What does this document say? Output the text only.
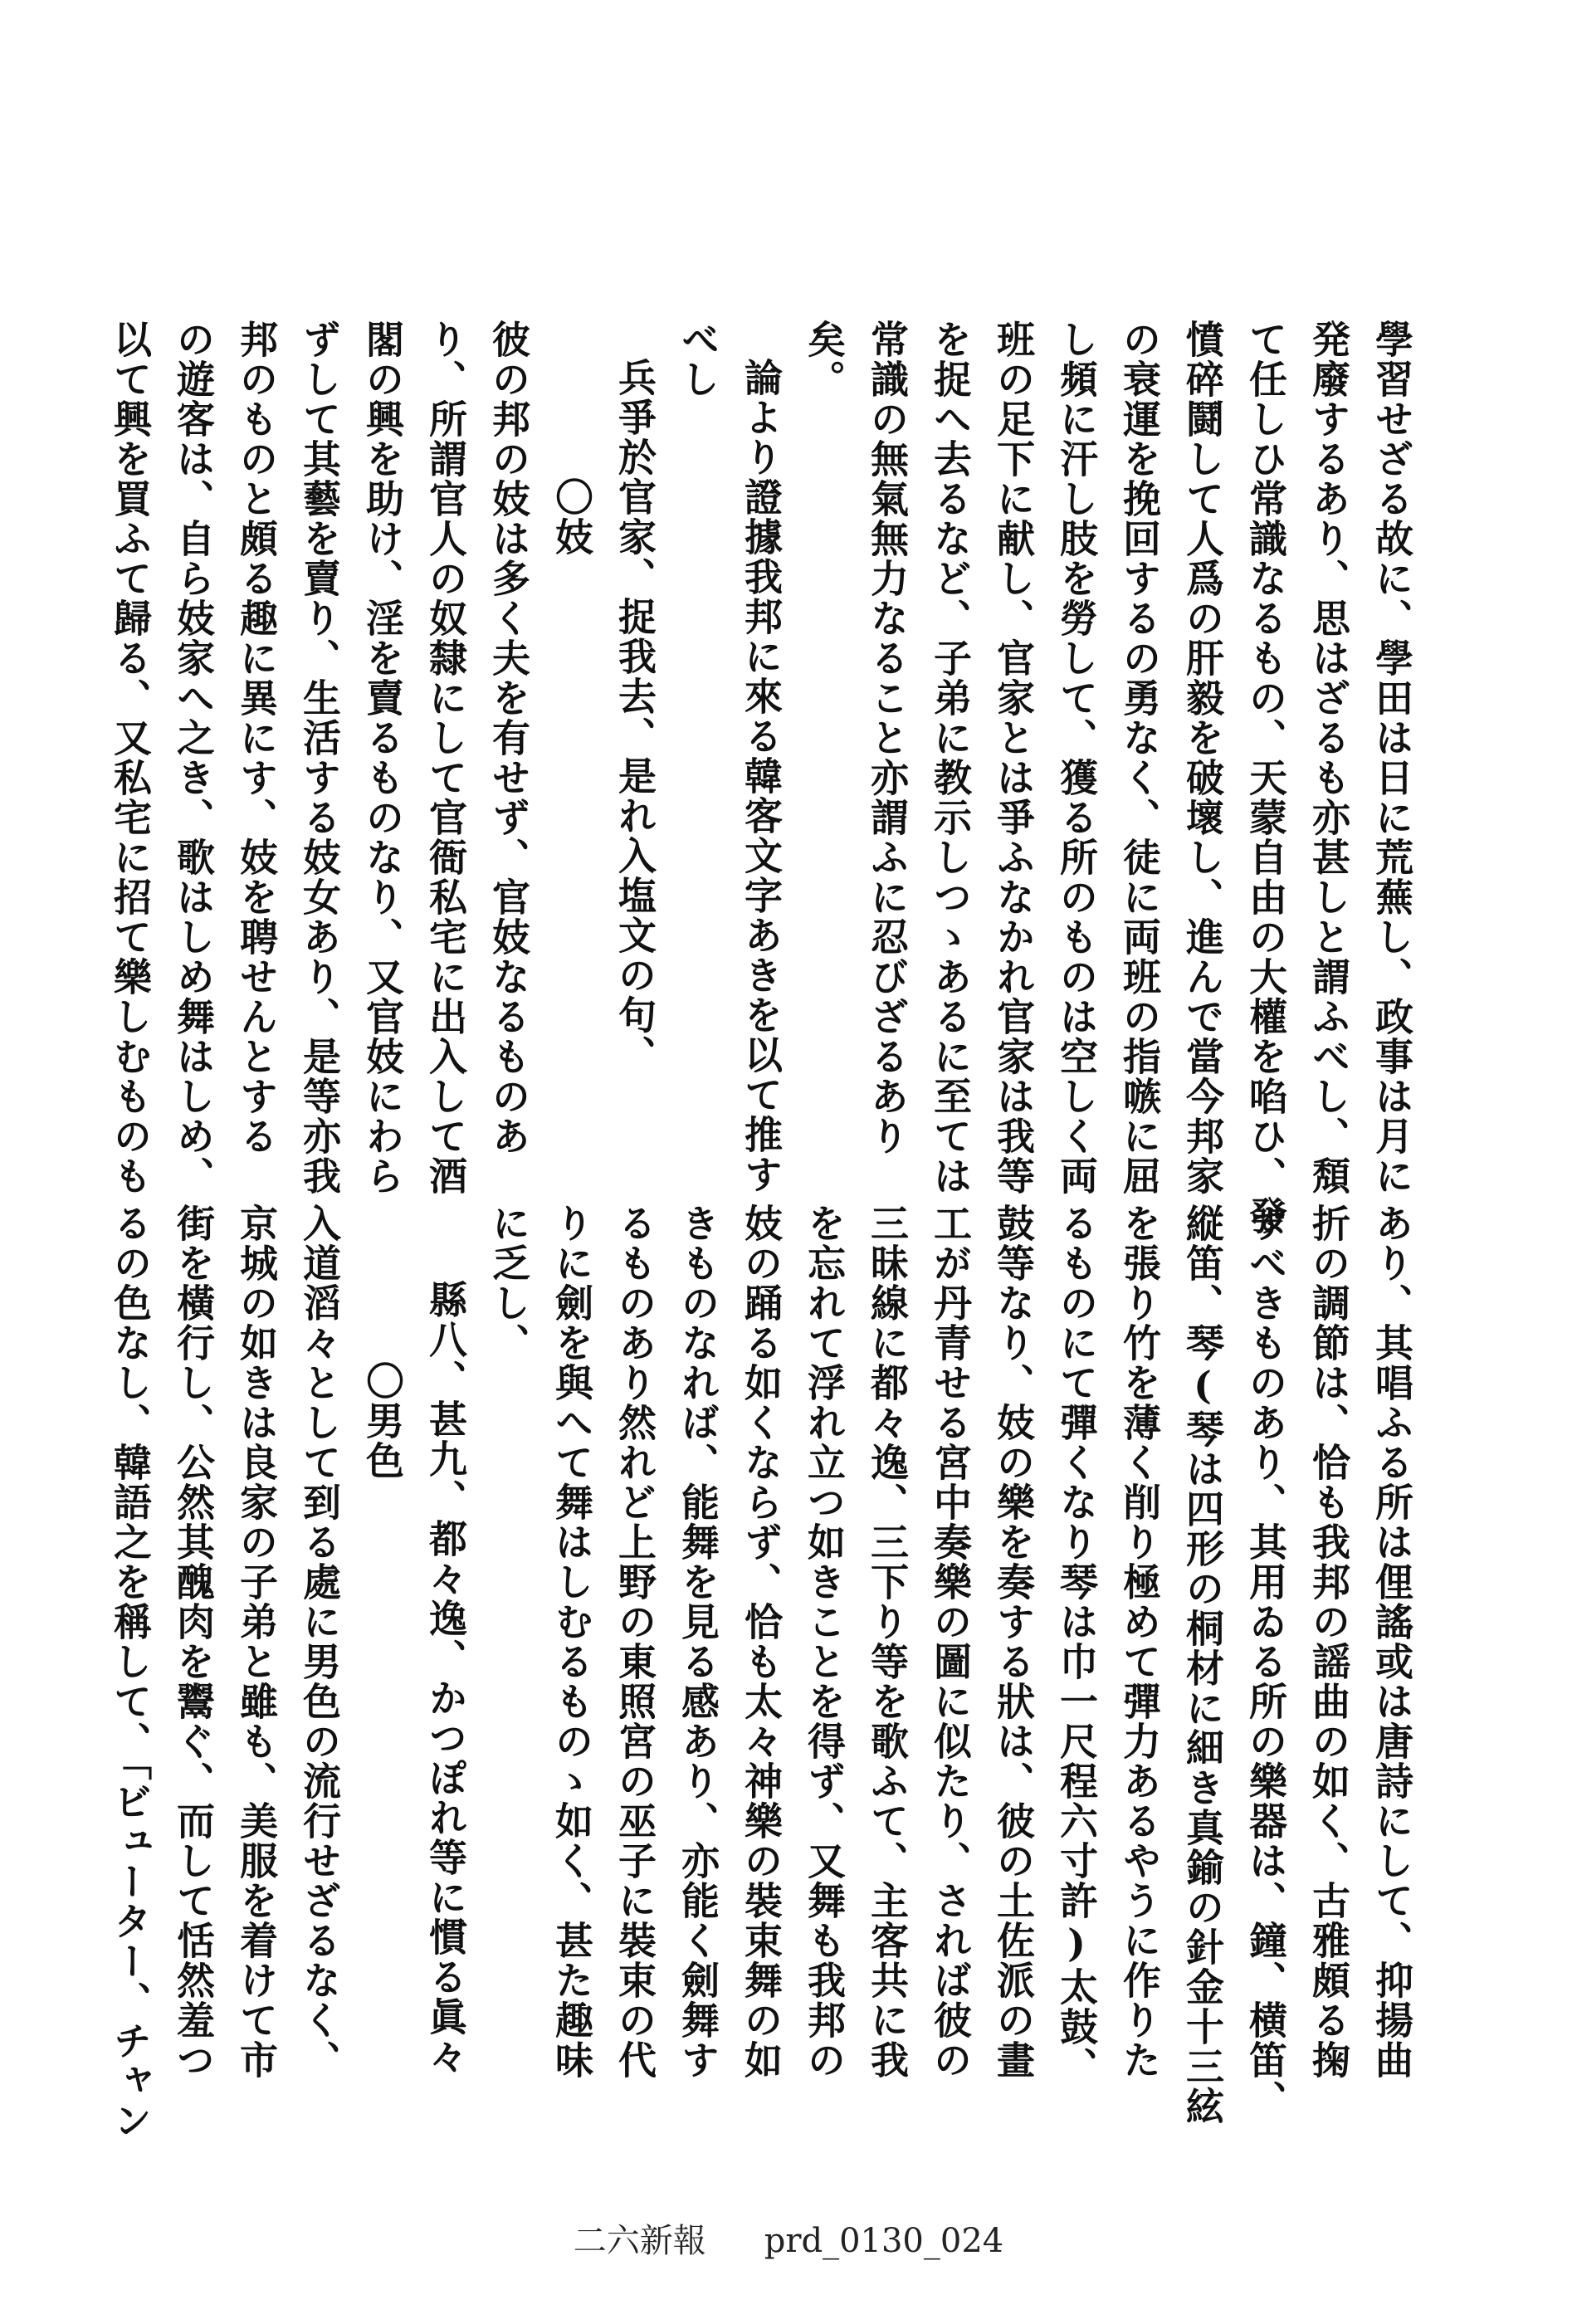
學習せざる故に、學田は日に荒蕪し、政事は月に
発廢するあり、思はざるも亦甚しと謂ふべし、頽
て任しひ常識なるもの、天蒙自由の大權を啗ひ、發
憤碎鬪して人爲の肝毅を破壞し、進んで當今邦家
の衰運を挽回するの勇なく、徒に両班の指嗾に屈
し頻に汗し肢を勞して、獲る所のものは空しく両
班の足下に献し、官家とは爭ふなかれ官家は我等
を捉へ去るなど、子弟に教示しつゝあるに至ては
常識の無氣無力なること亦謂ふに忍びざるあり
矣。
論より證據我邦に來る韓客文字あきを以て推す
べし
兵爭於官家、捉我去、是れ入塩文の句、
〇妓
彼の邦の妓は多く夫を有せず、官妓なるものあ
り、所謂官人の奴隸にして官衙私宅に出入して酒
閣の興を助け、淫を賣るものなり、又官妓にわら
ずして其藝を賣り、生活する妓女あり、是等亦我
邦のものと頗る趣に異にす、妓を聘せんとする
の遊客は、自ら妓家へ之き、歌はしめ舞はしめ、
以て興を買ふて歸る、又私宅に招て樂しむものも
あり、其唱ふる所は俚謠或は唐詩にして、抑揚曲
折の調節は、恰も我邦の謡曲の如く、古雅頗る掬
すべきものあり、其用ゐる所の樂器は、鐘、横笛、
縦笛、琴(琴は四形の桐材に細き真鍮の針金十三絃
を張り竹を薄く削り極めて彈力あるやうに作りた
るものにて彈くなり琴は巾一尺程六寸許)太鼓、
鼓等なり、妓の樂を奏する狀は、彼の土佐派の畫
工が丹青せる宮中奏樂の圖に似たり、されば彼の
三昧線に都々逸、三下り等を歌ふて、主客共に我
を忘れて浮れ立つ如きことを得ず、又舞も我邦の
妓の踊る如くならず、恰も太々神樂の裝束舞の如
きものなれば、能舞を見る感あり、亦能く劍舞す
るものあり然れど上野の東照宮の巫子に裝束の代
りに劍を與へて舞はしむるものゝ如く、甚た趣味
に乏し、
縣八、甚九、都々逸、かつぽれ等に慣る眞々
〇男色
入道滔々として到る處に男色の流行せざるなく、
京城の如きは良家の子弟と雖も、美服を着けて市
街を橫行し、公然其醜肉を鬻ぐ、而して恬然羞つ
るの色なし、韓語之を稱して、「ビューター、チャン
二六新報 prd_0130_024
